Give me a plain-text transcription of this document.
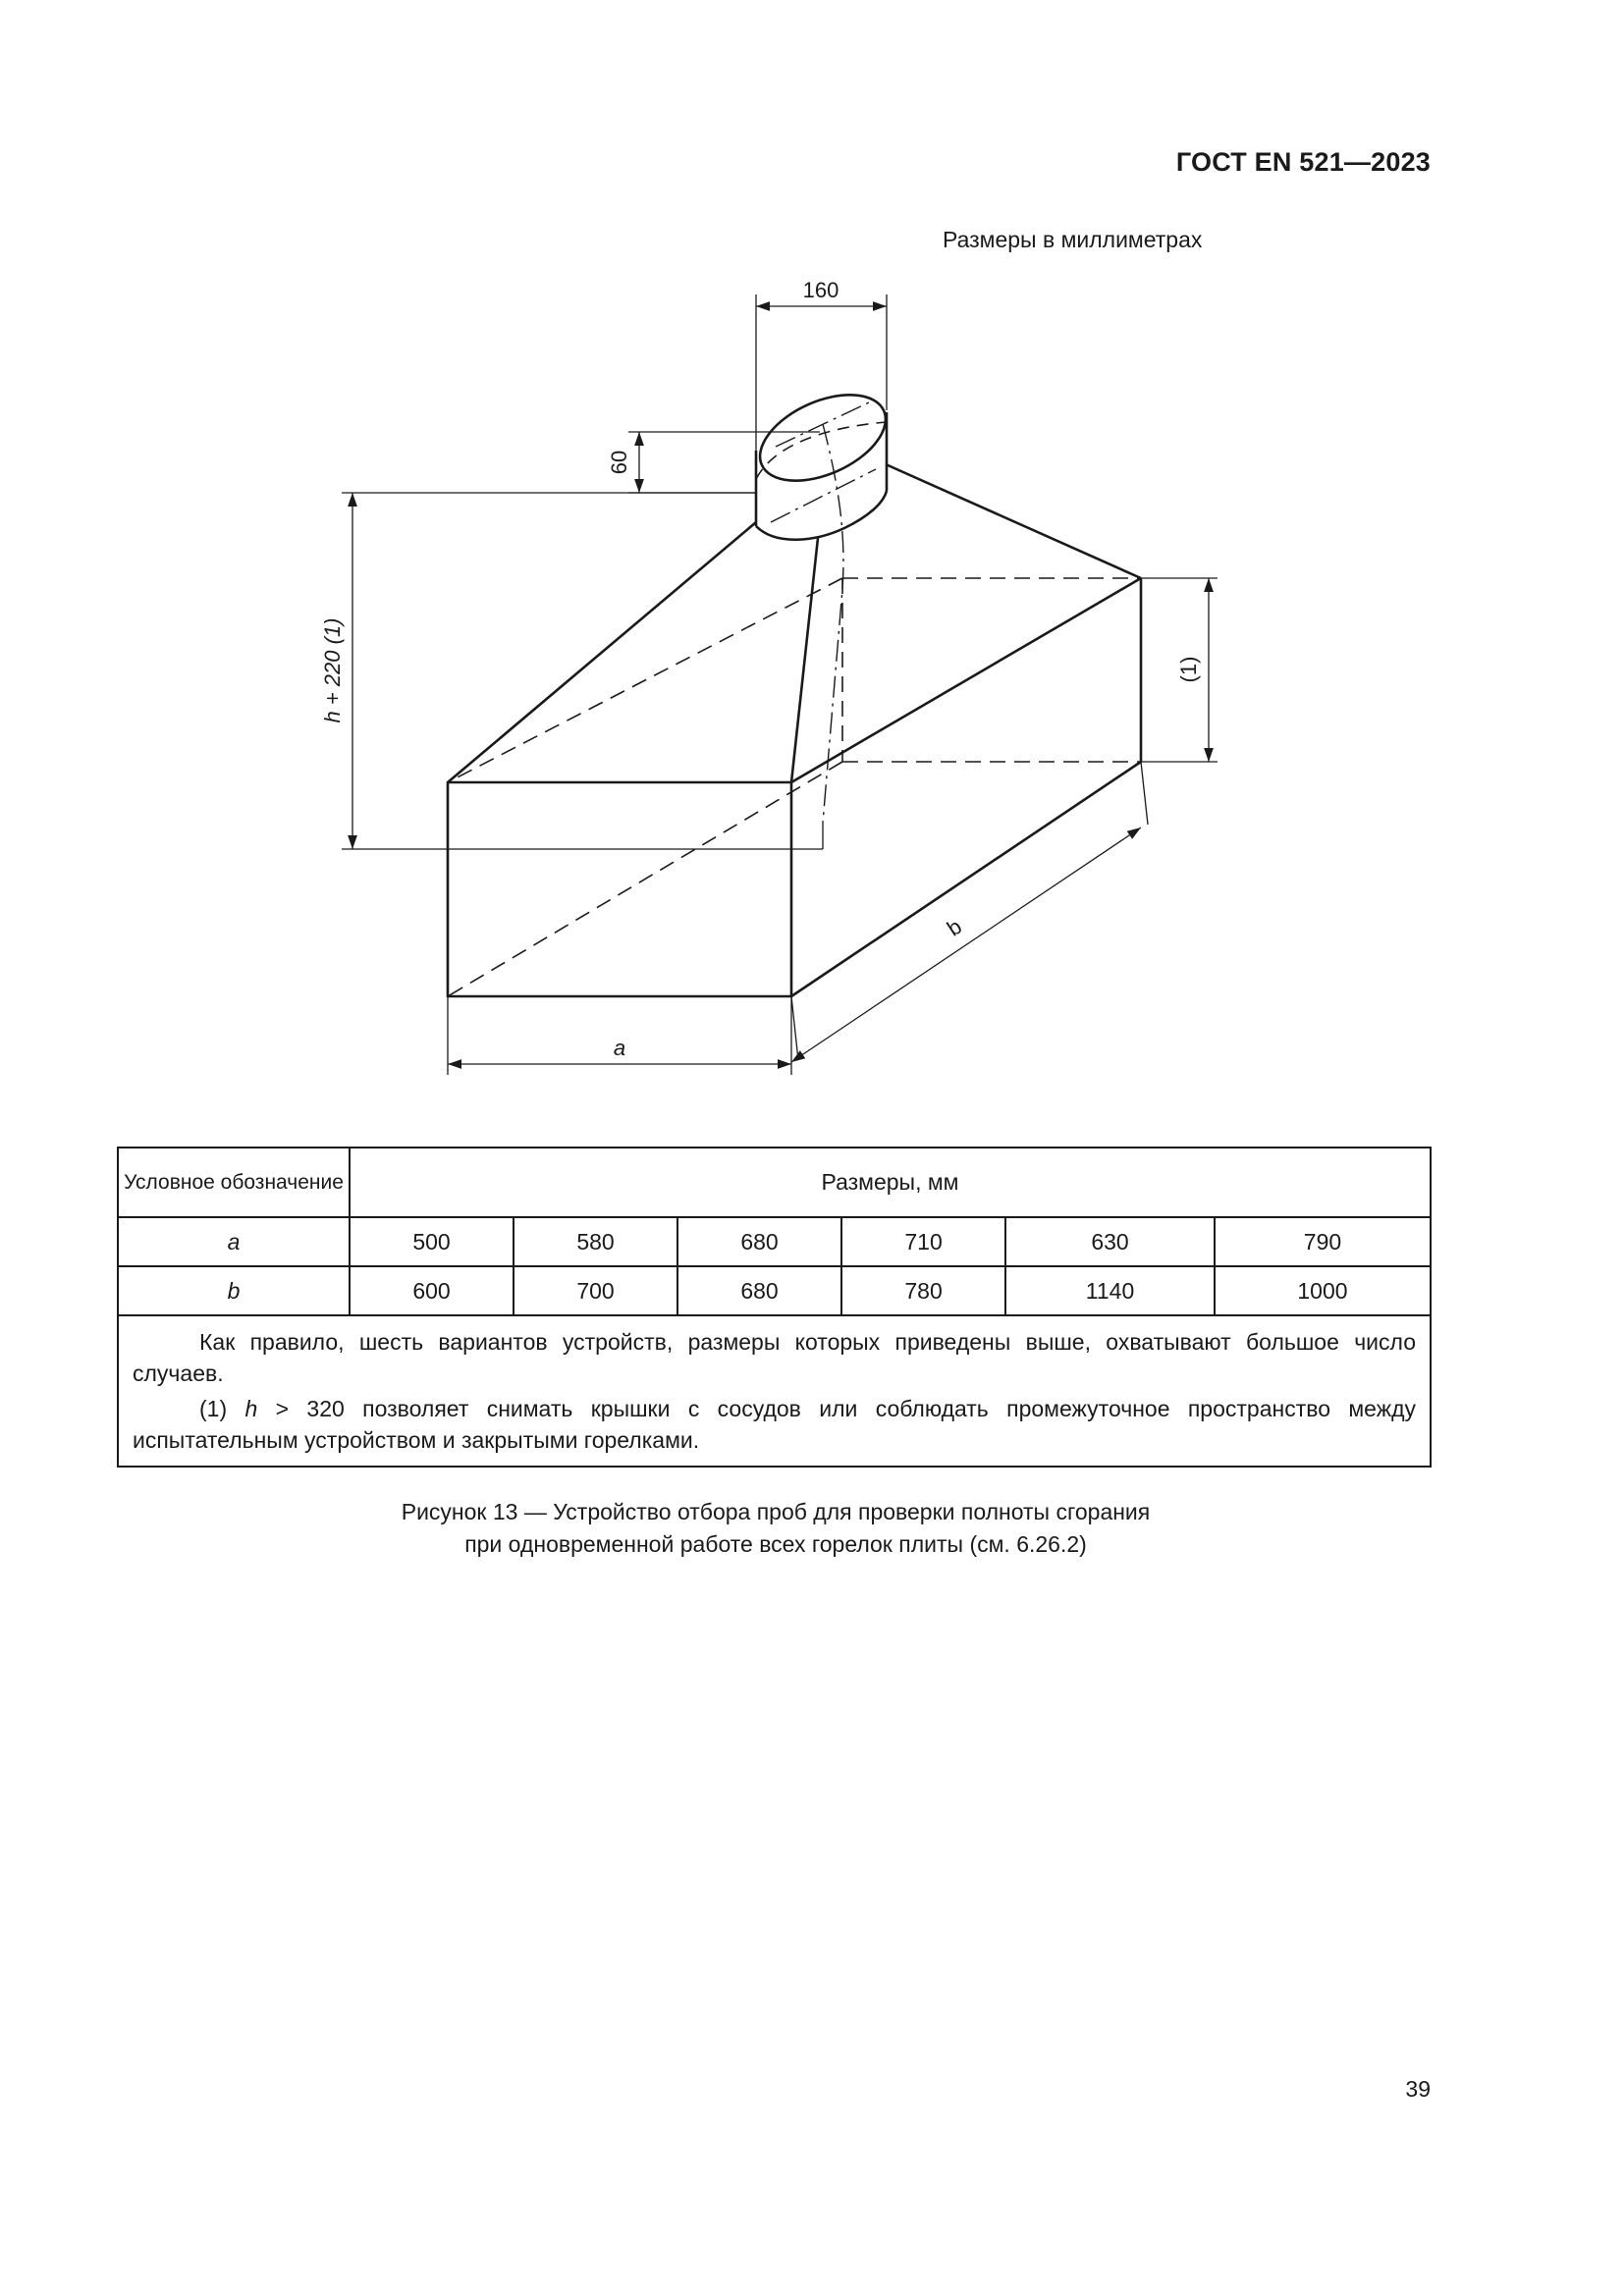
ГОСТ EN 521—2023
Размеры в миллиметрах
160
60
h + 220 (1)	(1)
a
b
Условное обозначение	Размеры, мм					
a	500	580	680	710	630	790
b	600	700	680	780	1140	1000

Как правило, шесть вариантов устройств, размеры которых приведены выше, охватывают большое число случаев.

(1) h > 320 позволяет снимать крышки с сосудов или соблюдать промежуточное пространство между испытательным устройством и закрытыми горелками.						

Рисунок 13 — Устройство отбора проб для проверки полноты сгорания
при одновременной работе всех горелок плиты (см. 6.26.2)
39
